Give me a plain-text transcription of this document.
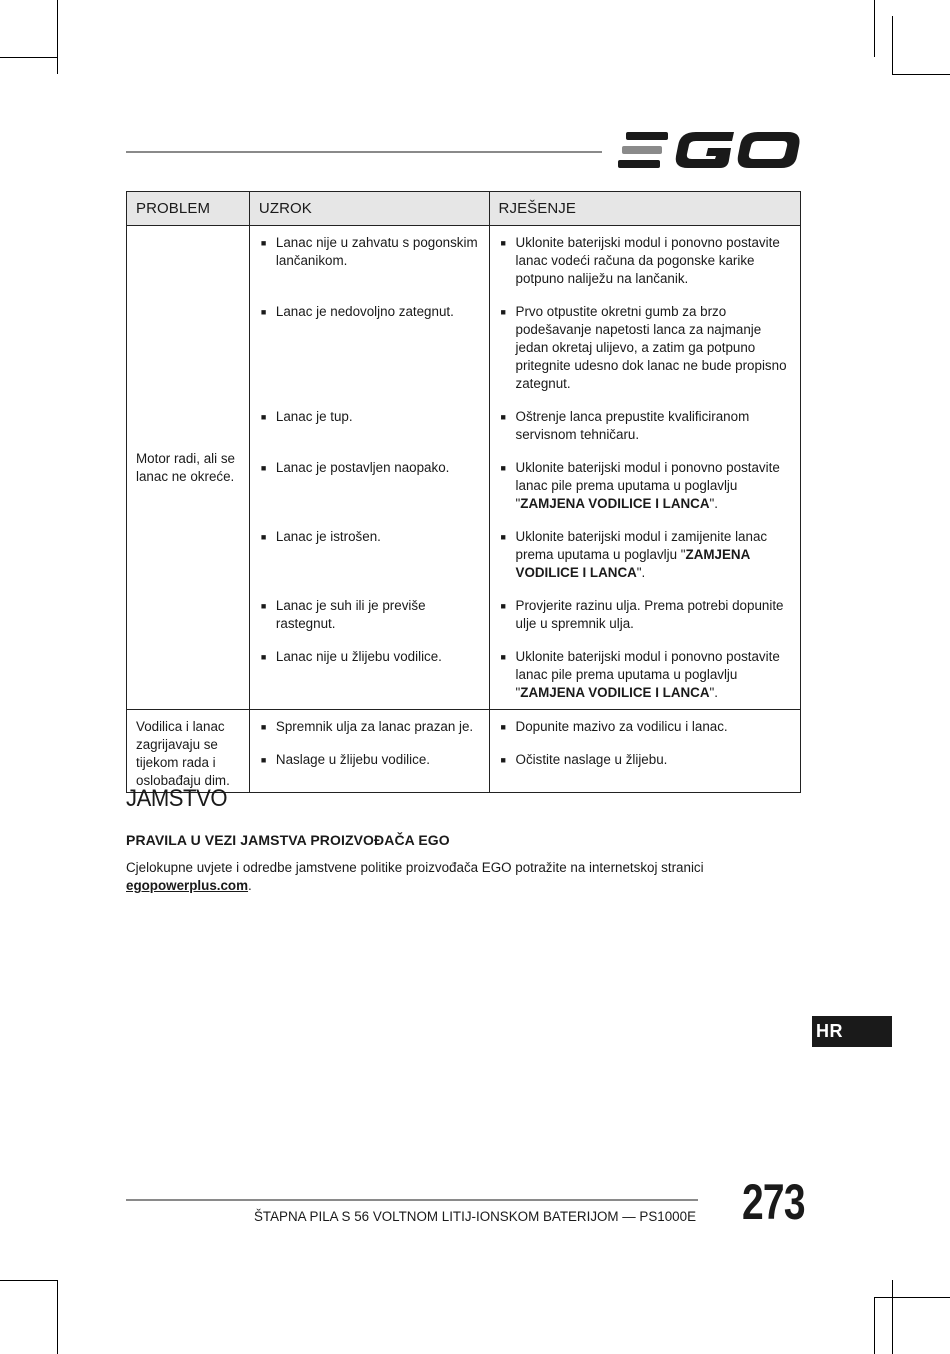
PROBLEM	UZROK	RJEŠENJE
Motor radi, ali se lanac ne okreće.	■ Lanac nije u zahvatu s pogonskim lančanikom.	■ Uklonite baterijski modul i ponovno postavite lanac vodeći računa da pogonske karike potpuno naliježu na lančanik.

	■ Lanac je nedovoljno zategnut.	■ Prvo otpustite okretni gumb za brzo podešavanje napetosti lanca za najmanje jedan okretaj ulijevo, a zatim ga potpuno pritegnite udesno dok lanac ne bude propisno zategnut.

	■ Lanac je tup.	■ Oštrenje lanca prepustite kvalificiranom servisnom tehničaru.

	■ Lanac je postavljen naopako.	■ Uklonite baterijski modul i ponovno postavite lanac pile prema uputama u poglavlju "ZAMJENA VODILICE I LANCA".

	■ Lanac je istrošen.	■ Uklonite baterijski modul i zamijenite lanac prema uputama u poglavlju "ZAMJENA VODILICE I LANCA".

	■ Lanac je suh ili je previše rastegnut.	■ Provjerite razinu ulja. Prema potrebi dopunite ulje u spremnik ulja.

	■ Lanac nije u žlijebu vodilice.	■ Uklonite baterijski modul i ponovno postavite lanac pile prema uputama u poglavlju "ZAMJENA VODILICE I LANCA".

Vodilica i lanac zagrijavaju se tijekom rada i oslobađaju dim.	■ Spremnik ulja za lanac prazan je.	■ Dopunite mazivo za vodilicu i lanac.

	■ Naslage u žlijebu vodilice.	■ Očistite naslage u žlijebu.
JAMSTVO
PRAVILA U VEZI JAMSTVA PROIZVOĐAČA EGO

Cjelokupne uvjete i odredbe jamstvene politike proizvođača EGO potražite na internetskoj stranici egopowerplus.com.

HR
ŠTAPNA PILA S 56 VOLTNOM LITIJ-IONSKOM BATERIJOM — PS1000E 273
